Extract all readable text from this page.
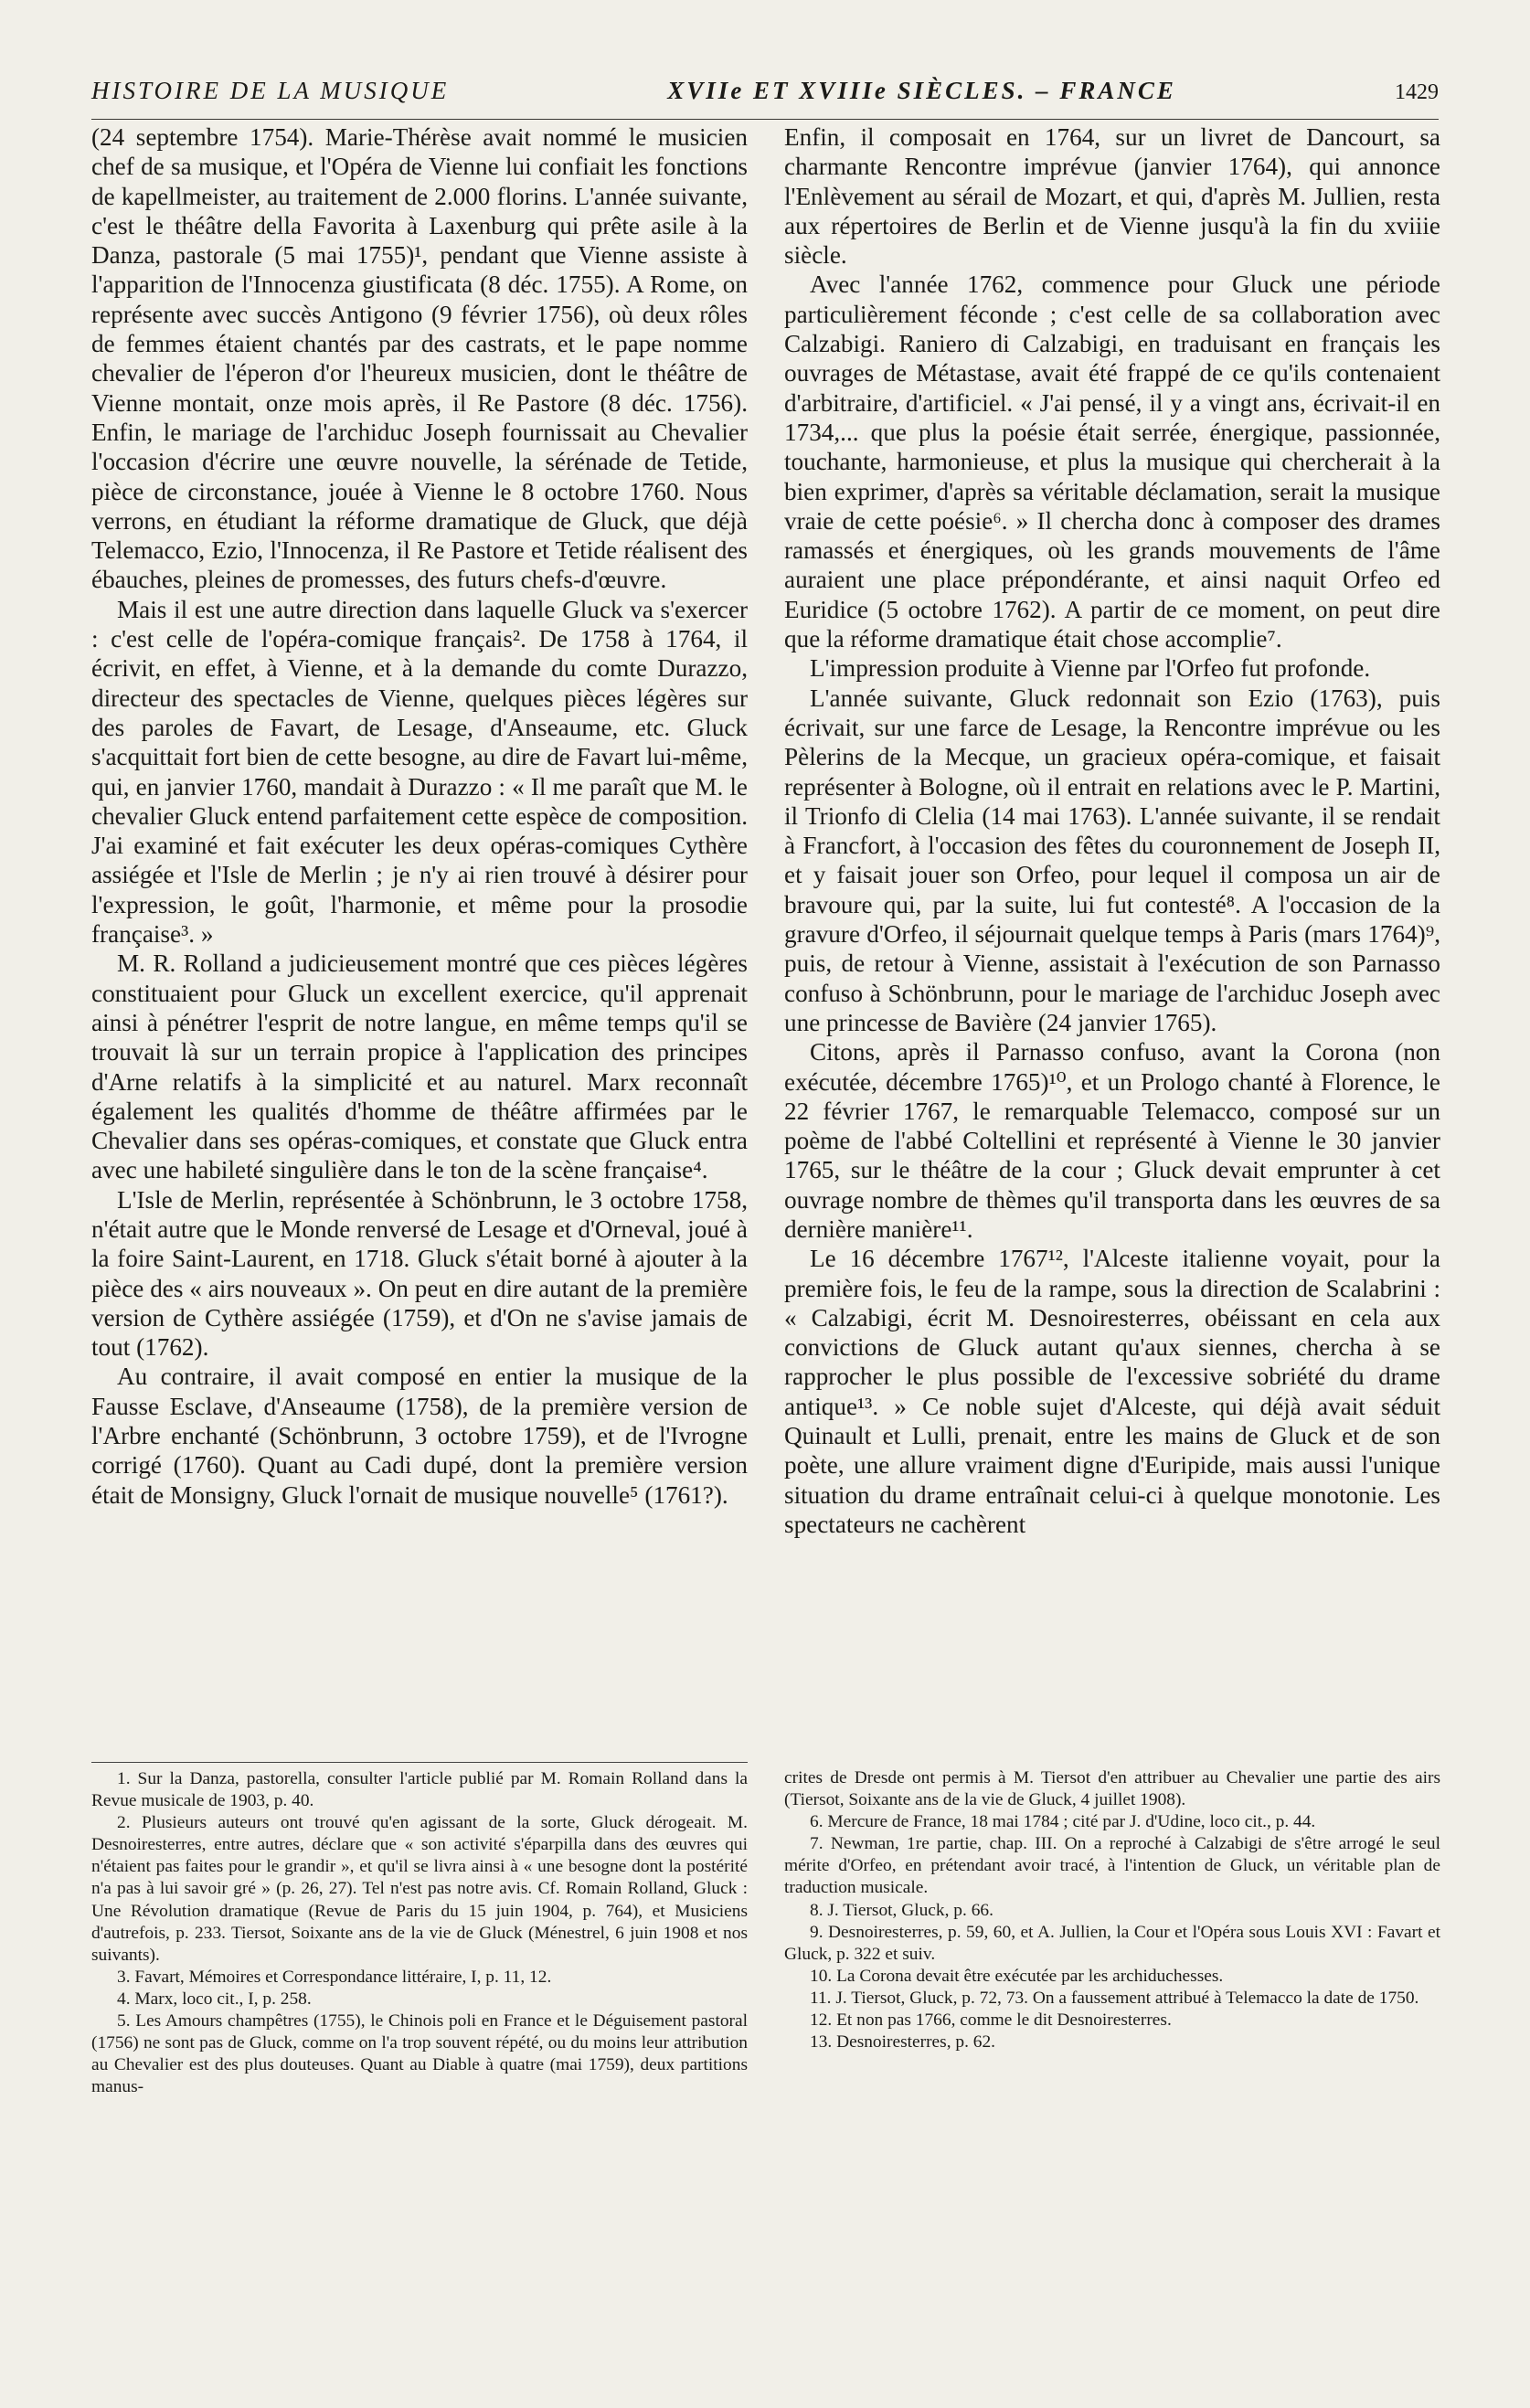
HISTOIRE DE LA MUSIQUE	XVIIe ET XVIIIe SIÈCLES. – FRANCE	1429

(24 septembre 1754). Marie-Thérèse avait nommé le musicien chef de sa musique, et l'Opéra de Vienne lui confiait les fonctions de kapellmeister, au traitement de 2.000 florins. L'année suivante, c'est le théâtre della Favorita à Laxenburg qui prête asile à la Danza, pastorale (5 mai 1755)¹, pendant que Vienne assiste à l'apparition de l'Innocenza giustificata (8 déc. 1755). A Rome, on représente avec succès Antigono (9 février 1756), où deux rôles de femmes étaient chantés par des castrats, et le pape nomme chevalier de l'éperon d'or l'heureux musicien, dont le théâtre de Vienne montait, onze mois après, il Re Pastore (8 déc. 1756). Enfin, le mariage de l'archiduc Joseph fournissait au Chevalier l'occasion d'écrire une œuvre nouvelle, la sérénade de Tetide, pièce de circonstance, jouée à Vienne le 8 octobre 1760. Nous verrons, en étudiant la réforme dramatique de Gluck, que déjà Telemacco, Ezio, l'Innocenza, il Re Pastore et Tetide réalisent des ébauches, pleines de promesses, des futurs chefs-d'œuvre.

Mais il est une autre direction dans laquelle Gluck va s'exercer : c'est celle de l'opéra-comique français². De 1758 à 1764, il écrivit, en effet, à Vienne, et à la demande du comte Durazzo, directeur des spectacles de Vienne, quelques pièces légères sur des paroles de Favart, de Lesage, d'Anseaume, etc. Gluck s'acquittait fort bien de cette besogne, au dire de Favart lui-même, qui, en janvier 1760, mandait à Durazzo : « Il me paraît que M. le chevalier Gluck entend parfaitement cette espèce de composition. J'ai examiné et fait exécuter les deux opéras-comiques Cythère assiégée et l'Isle de Merlin ; je n'y ai rien trouvé à désirer pour l'expression, le goût, l'harmonie, et même pour la prosodie française³. »

M. R. Rolland a judicieusement montré que ces pièces légères constituaient pour Gluck un excellent exercice, qu'il apprenait ainsi à pénétrer l'esprit de notre langue, en même temps qu'il se trouvait là sur un terrain propice à l'application des principes d'Arne relatifs à la simplicité et au naturel. Marx reconnaît également les qualités d'homme de théâtre affirmées par le Chevalier dans ses opéras-comiques, et constate que Gluck entra avec une habileté singulière dans le ton de la scène française⁴.

L'Isle de Merlin, représentée à Schönbrunn, le 3 octobre 1758, n'était autre que le Monde renversé de Lesage et d'Orneval, joué à la foire Saint-Laurent, en 1718. Gluck s'était borné à ajouter à la pièce des « airs nouveaux ». On peut en dire autant de la première version de Cythère assiégée (1759), et d'On ne s'avise jamais de tout (1762).

Au contraire, il avait composé en entier la musique de la Fausse Esclave, d'Anseaume (1758), de la première version de l'Arbre enchanté (Schönbrunn, 3 octobre 1759), et de l'Ivrogne corrigé (1760). Quant au Cadi dupé, dont la première version était de Monsigny, Gluck l'ornait de musique nouvelle⁵ (1761?).

Enfin, il composait en 1764, sur un livret de Dancourt, sa charmante Rencontre imprévue (janvier 1764), qui annonce l'Enlèvement au sérail de Mozart, et qui, d'après M. Jullien, resta aux répertoires de Berlin et de Vienne jusqu'à la fin du xviiie siècle.

Avec l'année 1762, commence pour Gluck une période particulièrement féconde ; c'est celle de sa collaboration avec Calzabigi. Raniero di Calzabigi, en traduisant en français les ouvrages de Métastase, avait été frappé de ce qu'ils contenaient d'arbitraire, d'artificiel. « J'ai pensé, il y a vingt ans, écrivait-il en 1734,... que plus la poésie était serrée, énergique, passionnée, touchante, harmonieuse, et plus la musique qui chercherait à la bien exprimer, d'après sa véritable déclamation, serait la musique vraie de cette poésie⁶. » Il chercha donc à composer des drames ramassés et énergiques, où les grands mouvements de l'âme auraient une place prépondérante, et ainsi naquit Orfeo ed Euridice (5 octobre 1762). A partir de ce moment, on peut dire que la réforme dramatique était chose accomplie⁷.

L'impression produite à Vienne par l'Orfeo fut profonde.

L'année suivante, Gluck redonnait son Ezio (1763), puis écrivait, sur une farce de Lesage, la Rencontre imprévue ou les Pèlerins de la Mecque, un gracieux opéra-comique, et faisait représenter à Bologne, où il entrait en relations avec le P. Martini, il Trionfo di Clelia (14 mai 1763). L'année suivante, il se rendait à Francfort, à l'occasion des fêtes du couronnement de Joseph II, et y faisait jouer son Orfeo, pour lequel il composa un air de bravoure qui, par la suite, lui fut contesté⁸. A l'occasion de la gravure d'Orfeo, il séjournait quelque temps à Paris (mars 1764)⁹, puis, de retour à Vienne, assistait à l'exécution de son Parnasso confuso à Schönbrunn, pour le mariage de l'archiduc Joseph avec une princesse de Bavière (24 janvier 1765).

Citons, après il Parnasso confuso, avant la Corona (non exécutée, décembre 1765)¹⁰, et un Prologo chanté à Florence, le 22 février 1767, le remarquable Telemacco, composé sur un poème de l'abbé Coltellini et représenté à Vienne le 30 janvier 1765, sur le théâtre de la cour ; Gluck devait emprunter à cet ouvrage nombre de thèmes qu'il transporta dans les œuvres de sa dernière manière¹¹.

Le 16 décembre 1767¹², l'Alceste italienne voyait, pour la première fois, le feu de la rampe, sous la direction de Scalabrini : « Calzabigi, écrit M. Desnoiresterres, obéissant en cela aux convictions de Gluck autant qu'aux siennes, chercha à se rapprocher le plus possible de l'excessive sobriété du drame antique¹³. » Ce noble sujet d'Alceste, qui déjà avait séduit Quinault et Lulli, prenait, entre les mains de Gluck et de son poète, une allure vraiment digne d'Euripide, mais aussi l'unique situation du drame entraînait celui-ci à quelque monotonie. Les spectateurs ne cachèrent

1. Sur la Danza, pastorella, consulter l'article publié par M. Romain Rolland dans la Revue musicale de 1903, p. 40.

2. Plusieurs auteurs ont trouvé qu'en agissant de la sorte, Gluck dérogeait. M. Desnoiresterres, entre autres, déclare que « son activité s'éparpilla dans des œuvres qui n'étaient pas faites pour le grandir », et qu'il se livra ainsi à « une besogne dont la postérité n'a pas à lui savoir gré » (p. 26, 27). Tel n'est pas notre avis. Cf. Romain Rolland, Gluck : Une Révolution dramatique (Revue de Paris du 15 juin 1904, p. 764), et Musiciens d'autrefois, p. 233. Tiersot, Soixante ans de la vie de Gluck (Ménestrel, 6 juin 1908 et nos suivants).

3. Favart, Mémoires et Correspondance littéraire, I, p. 11, 12.

4. Marx, loco cit., I, p. 258.

5. Les Amours champêtres (1755), le Chinois poli en France et le Déguisement pastoral (1756) ne sont pas de Gluck, comme on l'a trop souvent répété, ou du moins leur attribution au Chevalier est des plus douteuses. Quant au Diable à quatre (mai 1759), deux partitions manus-

crites de Dresde ont permis à M. Tiersot d'en attribuer au Chevalier une partie des airs (Tiersot, Soixante ans de la vie de Gluck, 4 juillet 1908).

6. Mercure de France, 18 mai 1784 ; cité par J. d'Udine, loco cit., p. 44.

7. Newman, 1re partie, chap. III. On a reproché à Calzabigi de s'être arrogé le seul mérite d'Orfeo, en prétendant avoir tracé, à l'intention de Gluck, un véritable plan de traduction musicale.

8. J. Tiersot, Gluck, p. 66.

9. Desnoiresterres, p. 59, 60, et A. Jullien, la Cour et l'Opéra sous Louis XVI : Favart et Gluck, p. 322 et suiv.

10. La Corona devait être exécutée par les archiduchesses.

11. J. Tiersot, Gluck, p. 72, 73. On a faussement attribué à Telemacco la date de 1750.

12. Et non pas 1766, comme le dit Desnoiresterres.

13. Desnoiresterres, p. 62.
